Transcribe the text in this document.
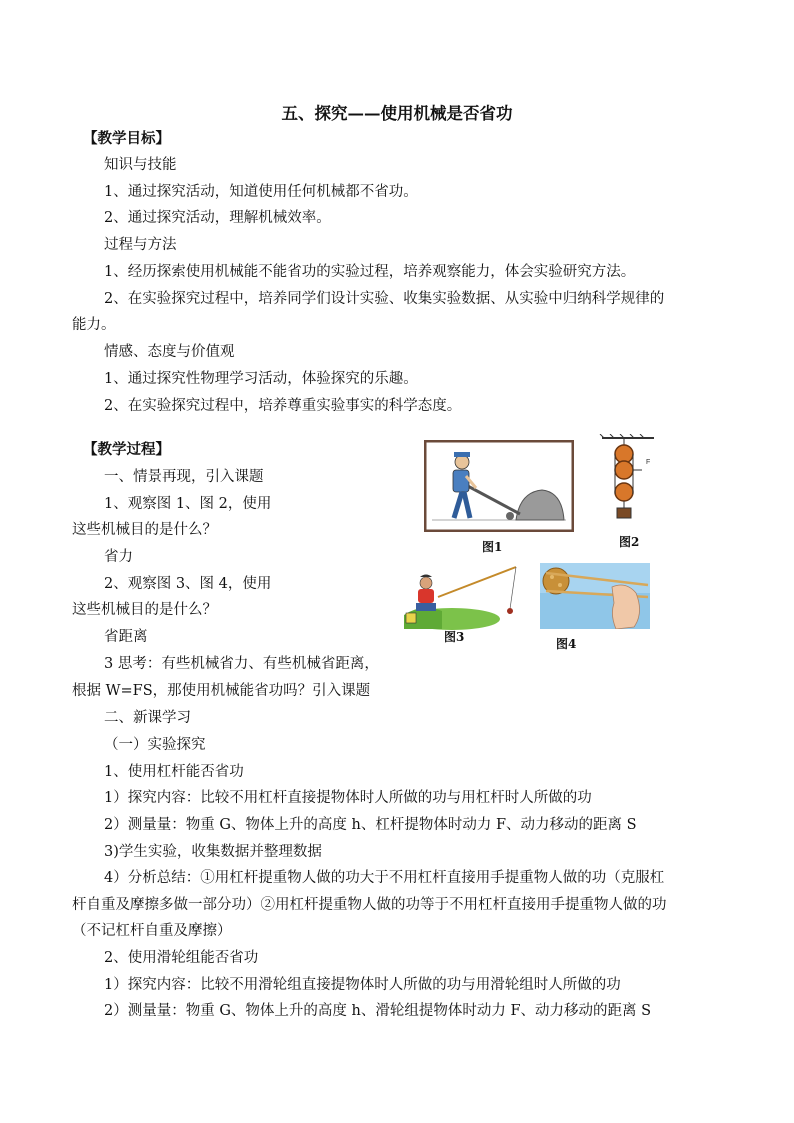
五、探究——使用机械是否省功
【教学目标】
知识与技能
1、通过探究活动，知道使用任何机械都不省功。
2、通过探究活动，理解机械效率。
过程与方法
1、经历探索使用机械能不能省功的实验过程，培养观察能力，体会实验研究方法。
2、在实验探究过程中，培养同学们设计实验、收集实验数据、从实验中归纳科学规律的
能力。
情感、态度与价值观
1、通过探究性物理学习活动，体验探究的乐趣。
2、在实验探究过程中，培养尊重实验事实的科学态度。
【教学过程】
一、情景再现，引入课题
1、观察图 1、图 2，使用
这些机械目的是什么？
省力
2、观察图 3、图 4，使用
这些机械目的是什么？
省距离
3 思考：有些机械省力、有些机械省距离，
根据 W=FS，那使用机械能省功吗？引入课题
二、新课学习
（一）实验探究
1、使用杠杆能否省功
1）探究内容：比较不用杠杆直接提物体时人所做的功与用杠杆时人所做的功
2）测量量：物重 G、物体上升的高度 h、杠杆提物体时动力 F、动力移动的距离 S
3)学生实验，收集数据并整理数据
4）分析总结：①用杠杆提重物人做的功大于不用杠杆直接用手提重物人做的功（克服杠
杆自重及摩擦多做一部分功）②用杠杆提重物人做的功等于不用杠杆直接用手提重物人做的功
（不记杠杆自重及摩擦）
2、使用滑轮组能否省功
1）探究内容：比较不用滑轮组直接提物体时人所做的功与用滑轮组时人所做的功
2）测量量：物重 G、物体上升的高度 h、滑轮组提物体时动力 F、动力移动的距离 S
图1
F
图2
图3	图4
